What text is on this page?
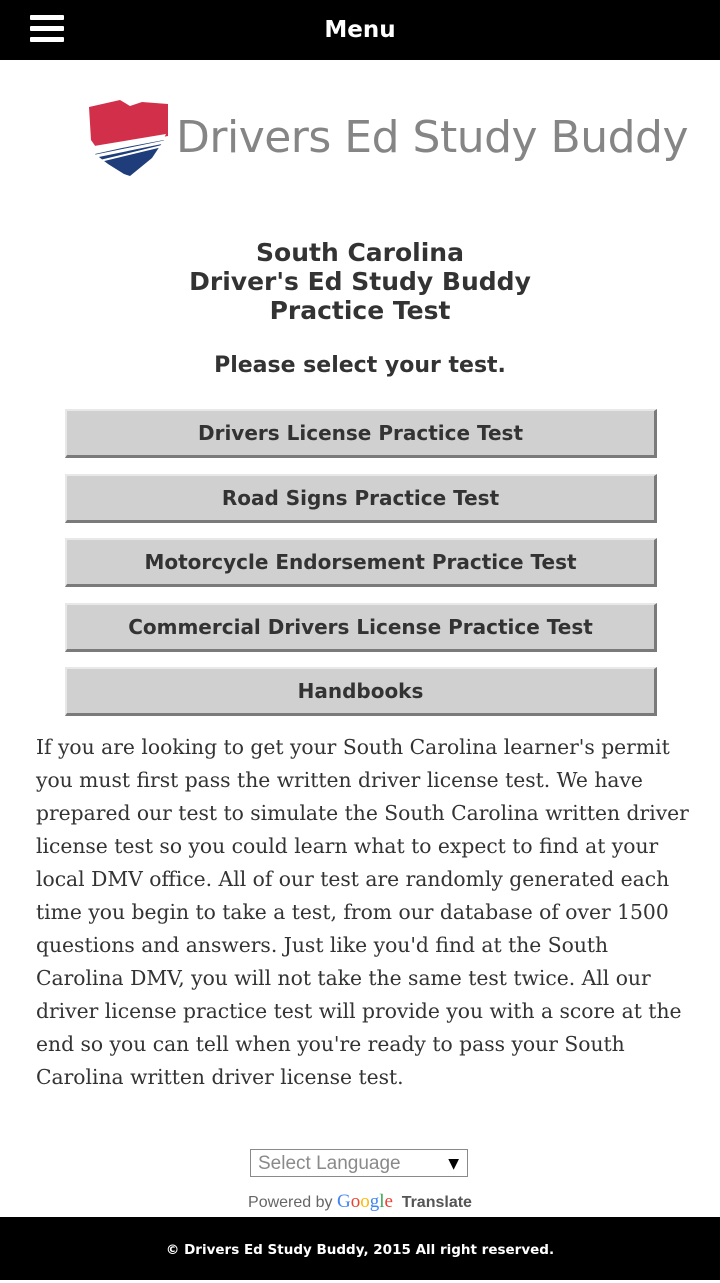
Menu
Drivers Ed Study Buddy
South Carolina
Driver's Ed Study Buddy
Practice Test
Please select your test.
Drivers License Practice Test
Road Signs Practice Test
Motorcycle Endorsement Practice Test
Commercial Drivers License Practice Test
Handbooks
If you are looking to get your South Carolina learner's permit you must first pass the written driver license test. We have prepared our test to simulate the South Carolina written driver license test so you could learn what to expect to find at your local DMV office. All of our test are randomly generated each time you begin to take a test, from our database of over 1500 questions and answers. Just like you'd find at the South Carolina DMV, you will not take the same test twice. All our driver license practice test will provide you with a score at the end so you can tell when you're ready to pass your South Carolina written driver license test.
Select Language	▼
Powered by Google Translate
© Drivers Ed Study Buddy, 2015 All right reserved.
